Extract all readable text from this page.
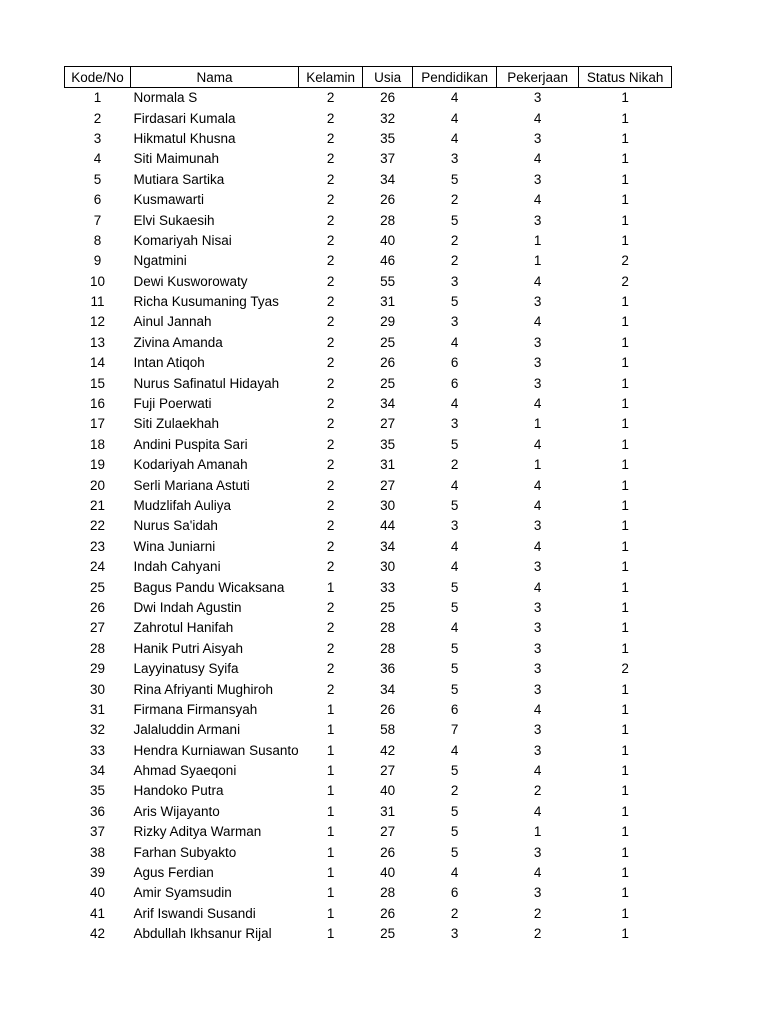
Kode/No	Nama	Kelamin	Usia	Pendidikan	Pekerjaan	Status Nikah
1	Normala S	2	26	4	3	1
2	Firdasari Kumala	2	32	4	4	1
3	Hikmatul Khusna	2	35	4	3	1
4	Siti Maimunah	2	37	3	4	1
5	Mutiara Sartika	2	34	5	3	1
6	Kusmawarti	2	26	2	4	1
7	Elvi Sukaesih	2	28	5	3	1
8	Komariyah Nisai	2	40	2	1	1
9	Ngatmini	2	46	2	1	2
10	Dewi Kusworowaty	2	55	3	4	2
11	Richa Kusumaning Tyas	2	31	5	3	1
12	Ainul Jannah	2	29	3	4	1
13	Zivina Amanda	2	25	4	3	1
14	Intan Atiqoh	2	26	6	3	1
15	Nurus Safinatul Hidayah	2	25	6	3	1
16	Fuji Poerwati	2	34	4	4	1
17	Siti Zulaekhah	2	27	3	1	1
18	Andini Puspita Sari	2	35	5	4	1
19	Kodariyah Amanah	2	31	2	1	1
20	Serli Mariana Astuti	2	27	4	4	1
21	Mudzlifah Auliya	2	30	5	4	1
22	Nurus Sa'idah	2	44	3	3	1
23	Wina Juniarni	2	34	4	4	1
24	Indah Cahyani	2	30	4	3	1
25	Bagus Pandu Wicaksana	1	33	5	4	1
26	Dwi Indah Agustin	2	25	5	3	1
27	Zahrotul Hanifah	2	28	4	3	1
28	Hanik Putri Aisyah	2	28	5	3	1
29	Layyinatusy Syifa	2	36	5	3	2
30	Rina Afriyanti Mughiroh	2	34	5	3	1
31	Firmana Firmansyah	1	26	6	4	1
32	Jalaluddin Armani	1	58	7	3	1
33	Hendra Kurniawan Susanto	1	42	4	3	1
34	Ahmad Syaeqoni	1	27	5	4	1
35	Handoko Putra	1	40	2	2	1
36	Aris Wijayanto	1	31	5	4	1
37	Rizky Aditya Warman	1	27	5	1	1
38	Farhan Subyakto	1	26	5	3	1
39	Agus Ferdian	1	40	4	4	1
40	Amir Syamsudin	1	28	6	3	1
41	Arif Iswandi Susandi	1	26	2	2	1
42	Abdullah Ikhsanur Rijal	1	25	3	2	1
